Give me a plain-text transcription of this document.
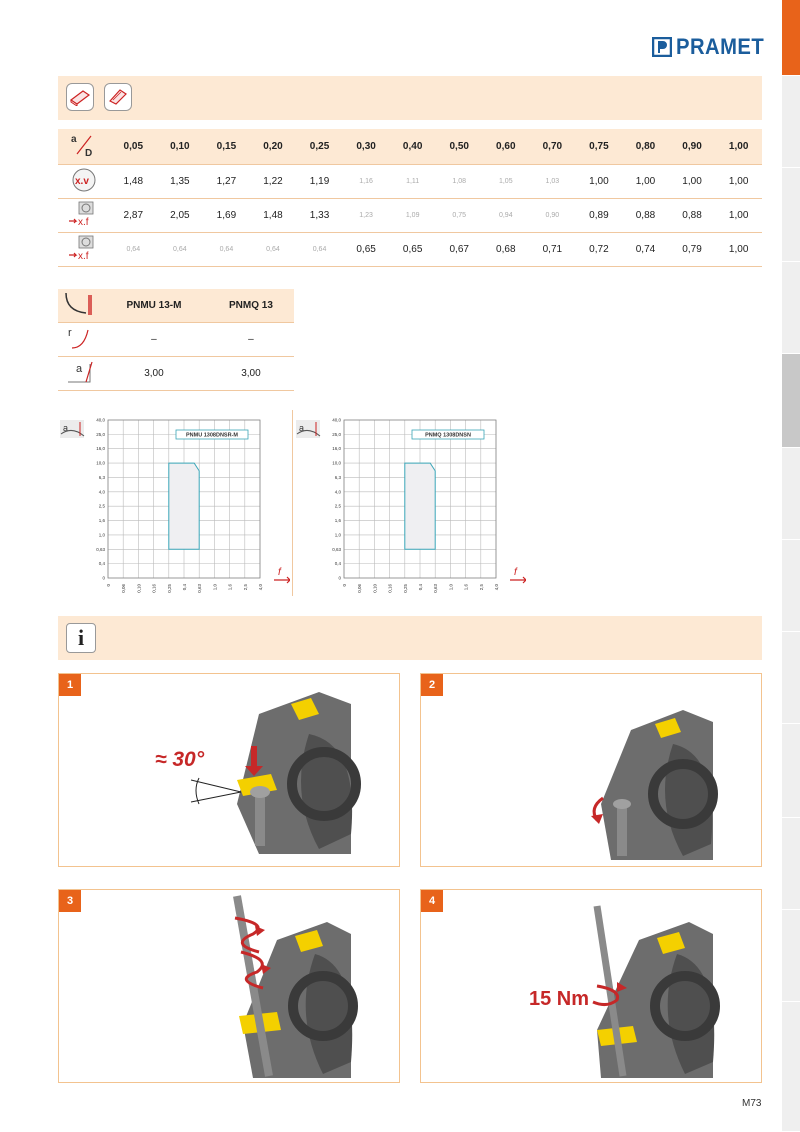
PRAMET
a
D	0,05	0,10	0,15	0,20	0,25	0,30	0,40	0,50	0,60	0,70	0,75	0,80	0,90	1,00

x.v	1,48	1,35	1,27	1,22	1,19	1,16	1,11	1,08	1,05	1,03	1,00	1,00	1,00	1,00

x.f	2,87	2,05	1,69	1,48	1,33	1,23	1,09	0,75	0,94	0,90	0,89	0,88	0,88	1,00

x.f	0,64	0,64	0,64	0,64	0,64	0,65	0,65	0,67	0,68	0,71	0,72	0,74	0,79	1,00
	PNMU 13-M	PNMQ 13

r	–	–

a	3,00	3,00
0 0,06 0,10 0,16 0,25 0,4 0,63 1,0 1,6 2,5 4,0
0
0,4
0,63
1,0
1,6
2,5
4,0
6,3
10,0
16,0
25,0
40,0
PNMU 1308DNSR-M
a
f
0 0,06 0,10 0,16 0,25 0,4 0,63 1,0 1,6 2,5 4,0
0
0,4
0,63
1,0
1,6
2,5
4,0
6,3
10,0
16,0
25,0
40,0
PNMQ 1308DNSN
a
f
i
1
≈ 30°
2
3	4
15 Nm
M73
